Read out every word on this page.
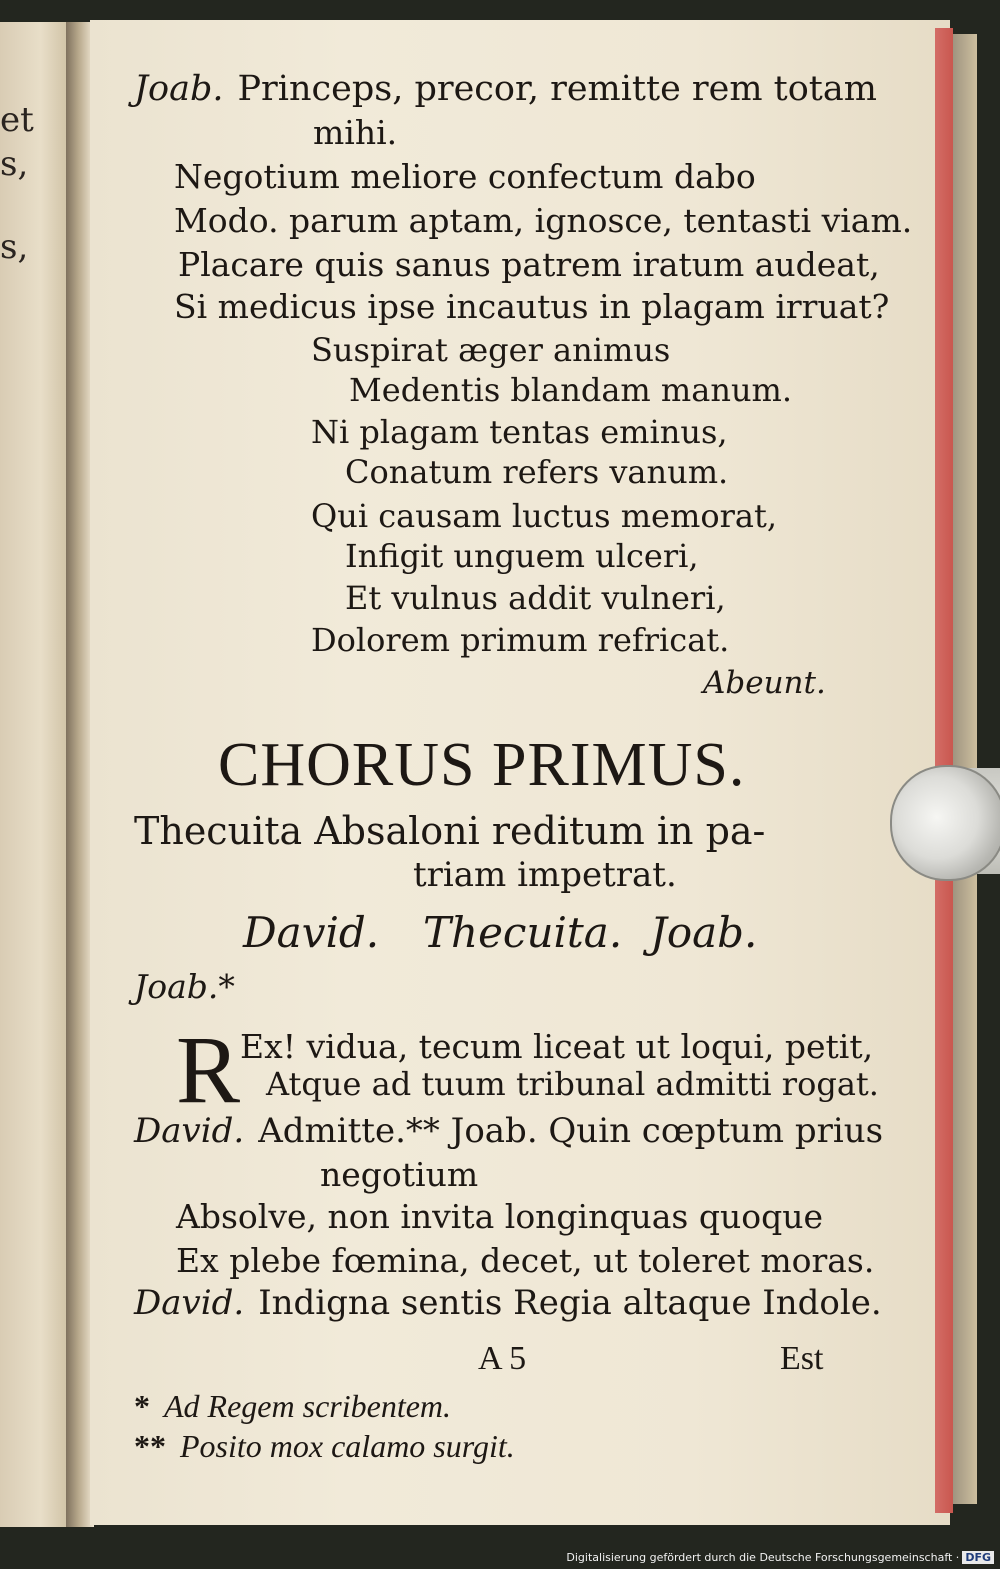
et
s,
s,
Joab. Princeps, precor, remitte rem totam
mihi.
Negotium meliore confectum dabo
Modo. parum aptam, ignosce, tentasti viam.
Placare quis sanus patrem iratum audeat,
Si medicus ipse incautus in plagam irruat?
Suspirat æger animus
Medentis blandam manum.
Ni plagam tentas eminus,
Conatum refers vanum.
Qui causam luctus memorat,
Infigit unguem ulceri,
Et vulnus addit vulneri,
Dolorem primum refricat.
Abeunt.
CHORUS PRIMUS.
Thecuita Absaloni reditum in pa-
triam impetrat.
David. Thecuita. Joab.
Joab.*
R Ex! vidua, tecum liceat ut loqui, petit,
Atque ad tuum tribunal admitti rogat.
David. Admitte.** Joab. Quin cœptum prius
negotium
Absolve, non invita longinquas quoque
Ex plebe fœmina, decet, ut toleret moras.
David. Indigna sentis Regia altaque Indole.
A 5	Est
* Ad Regem scribentem.
** Posito mox calamo surgit.
Digitalisierung gefördert durch die Deutsche Forschungsgemeinschaft · DFG
